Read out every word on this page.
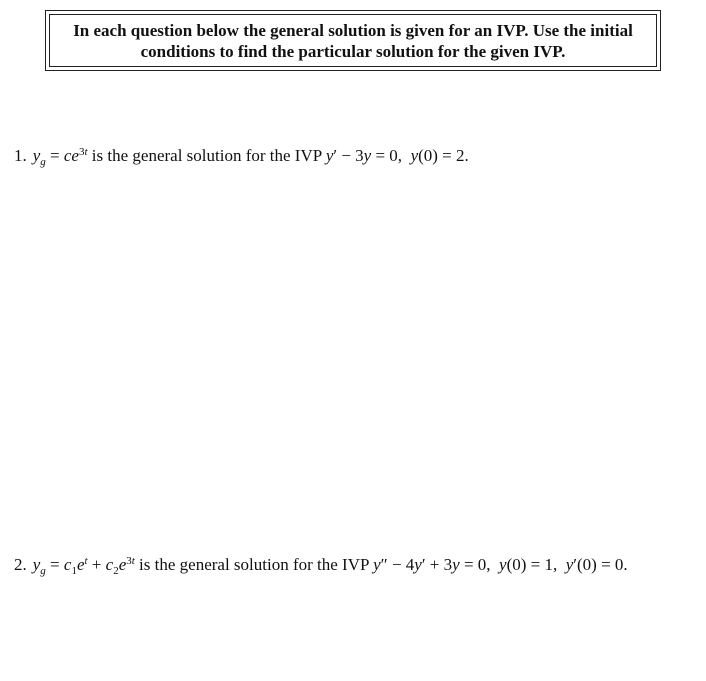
In each question below the general solution is given for an IVP. Use the initial
conditions to find the particular solution for the given IVP.
1. $y_g = ce^{3t}$ is the general solution for the IVP y′ − 3y = 0, y(0) = 2.
2. $y_g = c_1e^t + c_2e^{3t}$ is the general solution for the IVP y″ − 4y′ + 3y = 0, y(0) = 1,  y′(0) = 0.
